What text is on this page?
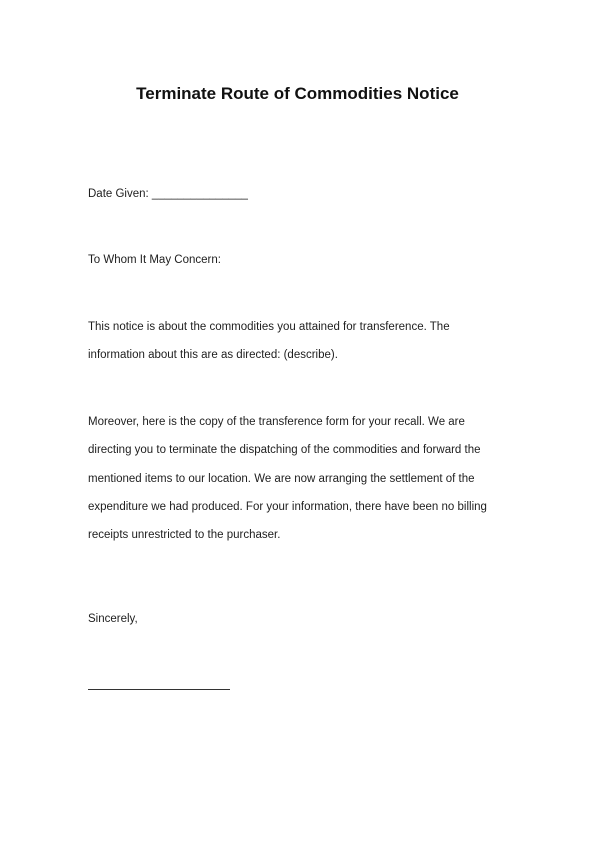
Terminate Route of Commodities Notice

Date Given: _______________

To Whom It May Concern:

This notice is about the commodities you attained for transference. The

information about this are as directed: (describe).

Moreover, here is the copy of the transference form for your recall. We are

directing you to terminate the dispatching of the commodities and forward the

mentioned items to our location. We are now arranging the settlement of the

expenditure we had produced. For your information, there have been no billing

receipts unrestricted to the purchaser.

Sincerely,
